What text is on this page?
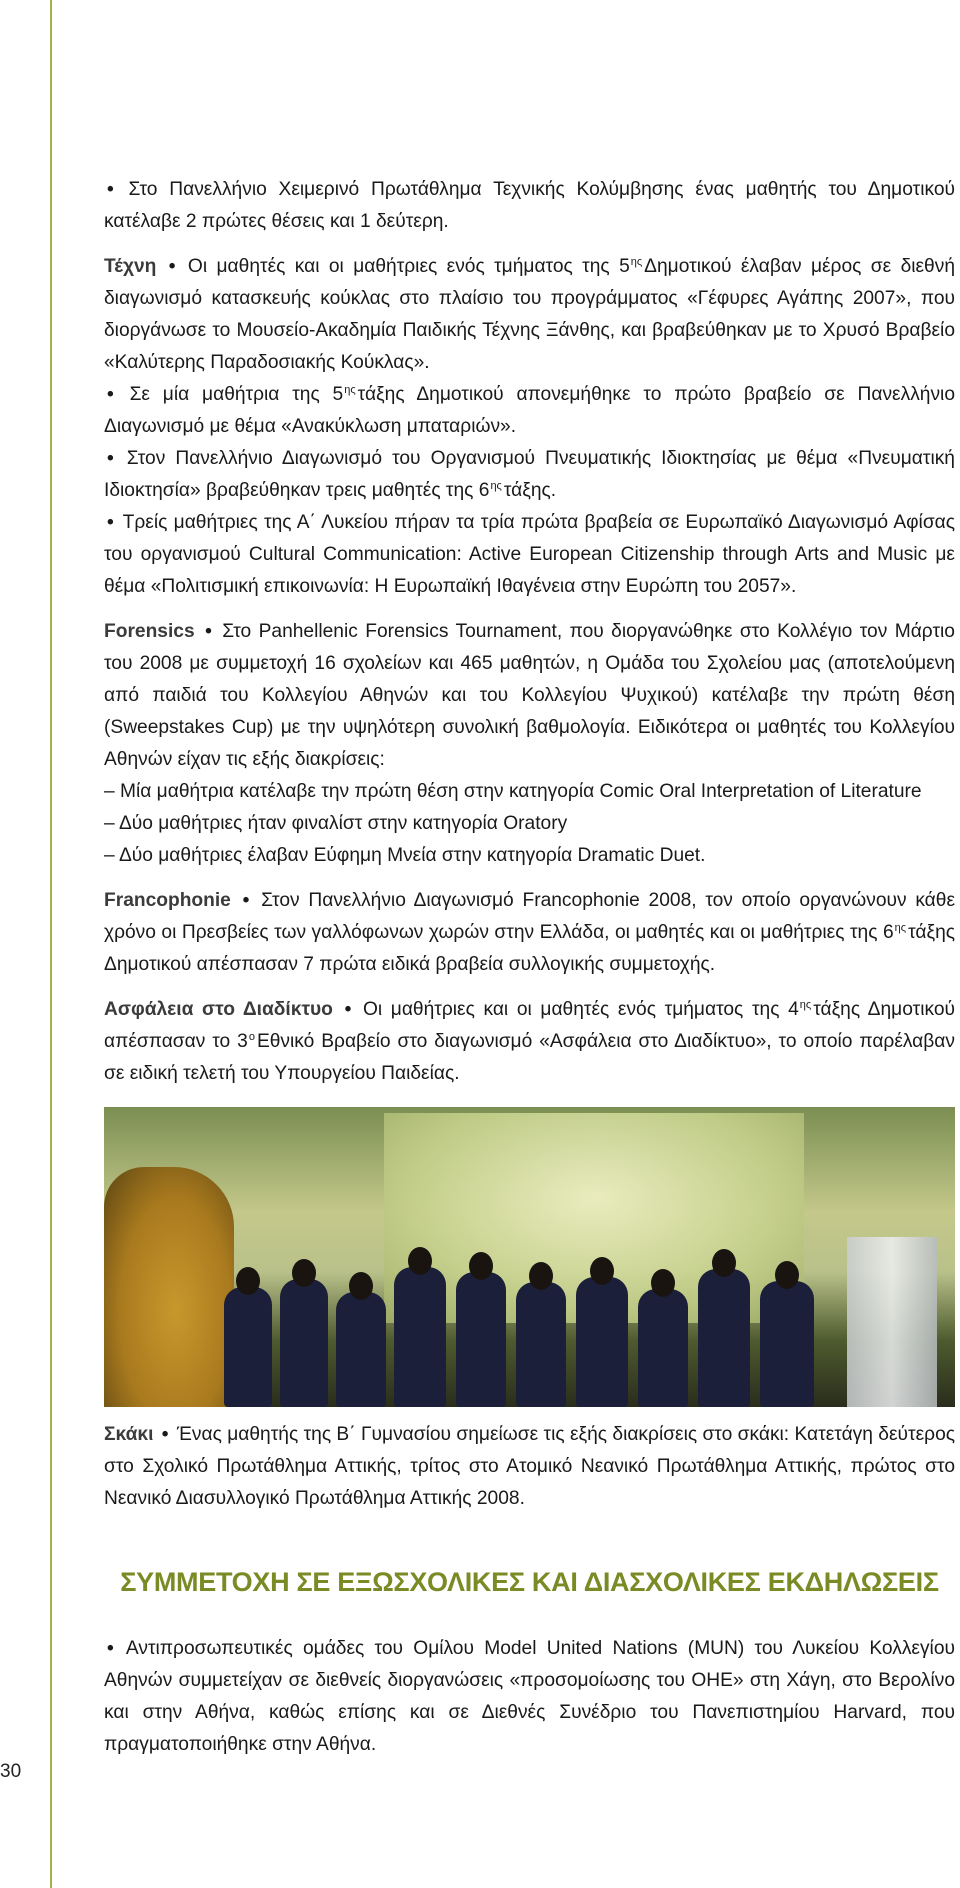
30

• Στο Πανελλήνιο Χειμερινό Πρωτάθλημα Τεχνικής Κολύμβησης ένας μαθητής του Δημοτικού κατέλαβε 2 πρώτες θέσεις και 1 δεύτερη.

Τέχνη • Οι μαθητές και οι μαθήτριες ενός τμήματος της $5^{\eta\varsigma}$ Δημοτικού έλαβαν μέρος σε διεθνή διαγωνισμό κατασκευής κούκλας στο πλαίσιο του προγράμματος «Γέφυρες Αγάπης 2007», που διοργάνωσε το Μουσείο-Ακαδημία Παιδικής Τέχνης Ξάνθης, και βραβεύθηκαν με το Χρυσό Βραβείο «Καλύτερης Παραδοσιακής Κούκλας».

• Σε μία μαθήτρια της $5^{\eta\varsigma}$ τάξης Δημοτικού απονεμήθηκε το πρώτο βραβείο σε Πανελλήνιο Διαγωνισμό με θέμα «Ανακύκλωση μπαταριών».

• Στον Πανελλήνιο Διαγωνισμό του Οργανισμού Πνευματικής Ιδιοκτησίας με θέμα «Πνευματική Ιδιοκτησία» βραβεύθηκαν τρεις μαθητές της $6^{\eta\varsigma}$ τάξης.

• Τρείς μαθήτριες της Α΄ Λυκείου πήραν τα τρία πρώτα βραβεία σε Ευρωπαϊκό Διαγωνισμό Αφίσας του οργανισμού Cultural Communication: Active European Citizenship through Arts and Music με θέμα «Πολιτισμική επικοινωνία: Η Ευρωπαϊκή Ιθαγένεια στην Ευρώπη του 2057».

Forensics • Στο Panhellenic Forensics Tournament, που διοργανώθηκε στο Κολλέγιο τον Μάρτιο του 2008 με συμμετοχή 16 σχολείων και 465 μαθητών, η Ομάδα του Σχολείου μας (αποτελούμενη από παιδιά του Κολλεγίου Αθηνών και του Κολλεγίου Ψυχικού) κατέλαβε την πρώτη θέση (Sweepstakes Cup) με την υψηλότερη συνολική βαθμολογία. Ειδικότερα οι μαθητές του Κολλεγίου Αθηνών είχαν τις εξής διακρίσεις:

– Μία μαθήτρια κατέλαβε την πρώτη θέση στην κατηγορία Comic Oral Interpretation of Literature

– Δύο μαθήτριες ήταν φιναλίστ στην κατηγορία Oratory

– Δύο μαθήτριες έλαβαν Εύφημη Μνεία στην κατηγορία Dramatic Duet.

Francophonie • Στον Πανελλήνιο Διαγωνισμό Francophonie 2008, τον οποίο οργανώνουν κάθε χρόνο οι Πρεσβείες των γαλλόφωνων χωρών στην Ελλάδα, οι μαθητές και οι μαθήτριες της $6^{\eta\varsigma}$ τάξης Δημοτικού απέσπασαν 7 πρώτα ειδικά βραβεία συλλογικής συμμετοχής.

Ασφάλεια στο Διαδίκτυο • Οι μαθήτριες και οι μαθητές ενός τμήματος της $4^{\eta\varsigma}$ τάξης Δημοτικού απέσπασαν το $3^o$ Εθνικό Βραβείο στο διαγωνισμό «Ασφάλεια στο Διαδίκτυο», το οποίο παρέλαβαν σε ειδική τελετή του Υπουργείου Παιδείας.

Σκάκι • Ένας μαθητής της Β΄ Γυμνασίου σημείωσε τις εξής διακρίσεις στο σκάκι: Κατετάγη δεύτερος στο Σχολικό Πρωτάθλημα Αττικής, τρίτος στο Ατομικό Νεανικό Πρωτάθλημα Αττικής, πρώτος στο Νεανικό Διασυλλογικό Πρωτάθλημα Αττικής 2008.

ΣΥΜΜΕΤΟΧΗ ΣΕ ΕΞΩΣΧΟΛΙΚΕΣ ΚΑΙ ΔΙΑΣΧΟΛΙΚΕΣ ΕΚΔΗΛΩΣΕΙΣ

• Αντιπροσωπευτικές ομάδες του Ομίλου Model United Nations (MUN) του Λυκείου Κολλεγίου Αθηνών συμμετείχαν σε διεθνείς διοργανώσεις «προσομοίωσης του ΟΗΕ» στη Χάγη, στο Βερολίνο και στην Αθήνα, καθώς επίσης και σε Διεθνές Συνέδριο του Πανεπιστημίου Harvard, που πραγματοποιήθηκε στην Αθήνα.
